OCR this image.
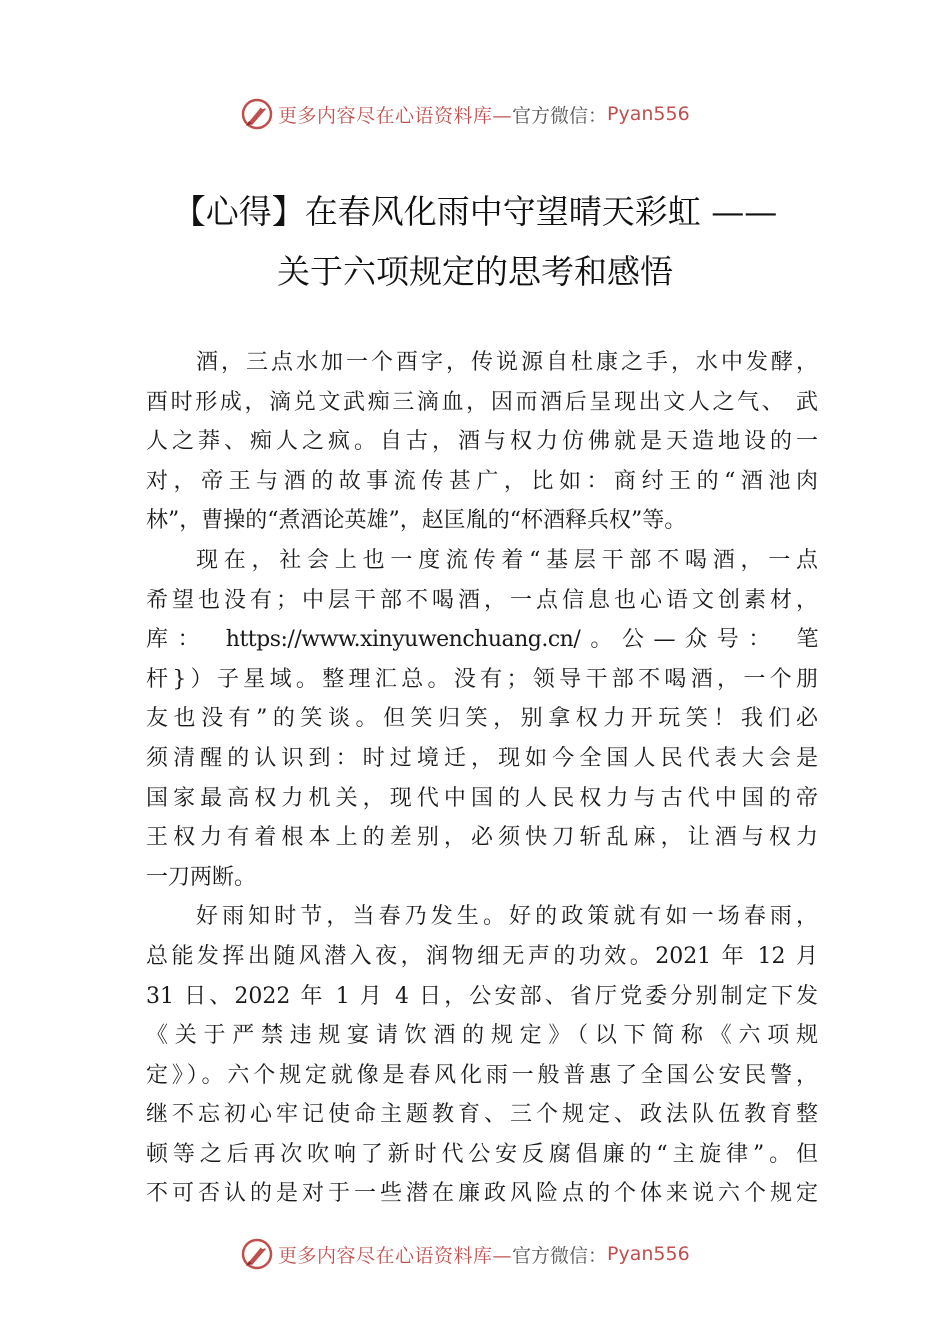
更多内容尽在心语资料库— 官方微信： Pyan556
【心得】在春风化雨中守望晴天彩虹 ——
关于六项规定的思考和感悟
酒，三点水加一个酉字，传说源自杜康之手，水中发酵，
酉时形成，滴兑文武痴三滴血，因而酒后呈现出文人之气、 武
人之莽、痴人之疯。自古，酒与权力仿佛就是天造地设的一
对，帝王与酒的故事流传甚广，比如：商纣王的“酒池肉
林”，曹操的“煮酒论英雄”，赵匡胤的“杯酒释兵权”等。
现在，社会上也一度流传着“基层干部不喝酒，一点
希望也没有；中层干部不喝酒，一点信息也心语文创素材，
库： https://www.xinyuwenchuang.cn/。公—众号： 笔
杆}）子星域。整理汇总。没有；领导干部不喝酒，一个朋
友也没有”的笑谈。但笑归笑，别拿权力开玩笑！我们必
须清醒的认识到：时过境迁，现如今全国人民代表大会是
国家最高权力机关，现代中国的人民权力与古代中国的帝
王权力有着根本上的差别，必须快刀斩乱麻，让酒与权力
一刀两断。
好雨知时节，当春乃发生。好的政策就有如一场春雨，
总能发挥出随风潜入夜，润物细无声的功效。2021 年 12 月
31 日、2022 年 1 月 4 日，公安部、省厅党委分别制定下发
《关于严禁违规宴请饮酒的规定》（以下简称《六项规
定》）。六个规定就像是春风化雨一般普惠了全国公安民警，
继不忘初心牢记使命主题教育、三个规定、政法队伍教育整
顿等之后再次吹响了新时代公安反腐倡廉的“主旋律”。但
不可否认的是对于一些潜在廉政风险点的个体来说六个规定
更多内容尽在心语资料库— 官方微信： Pyan556
